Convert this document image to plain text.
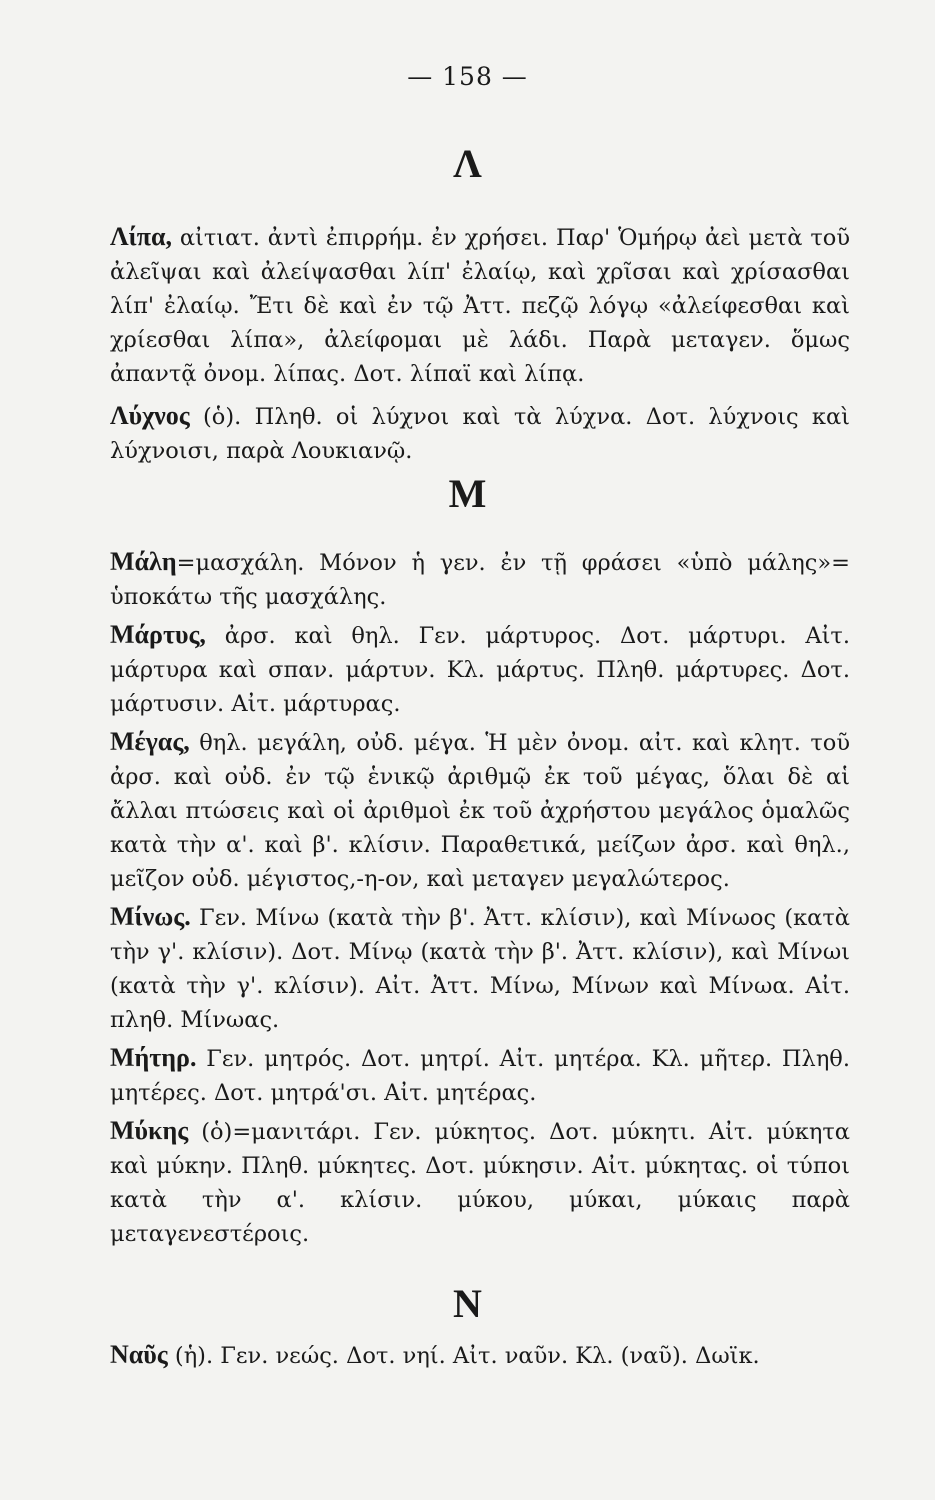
— 158 —
Λ

Λίπα, αἰτιατ. ἀντὶ ἐπιρρήμ. ἐν χρήσει. Παρ' Ὁμήρῳ ἀεὶ μετὰ τοῦ ἀλεῖψαι καὶ ἀλείψασθαι λίπ' ἐλαίῳ, καὶ χρῖσαι καὶ χρίσασθαι λίπ' ἐλαίῳ. Ἔτι δὲ καὶ ἐν τῷ Ἀττ. πεζῷ λόγῳ «ἀλείφεσθαι καὶ χρίεσθαι λίπα», ἀλείφομαι μὲ λάδι. Παρὰ μεταγεν. ὅμως ἀπαντᾷ ὀνομ. λίπας. Δοτ. λίπαϊ καὶ λίπᾳ.

Λύχνος (ὁ). Πληθ. οἱ λύχνοι καὶ τὰ λύχνα. Δοτ. λύχνοις καὶ λύχνοισι, παρὰ Λουκιανῷ.

Μ

Μάλη=μασχάλη. Μόνον ἡ γεν. ἐν τῇ φράσει «ὑπὸ μάλης»= ὑποκάτω τῆς μασχάλης.

Μάρτυς, ἀρσ. καὶ θηλ. Γεν. μάρτυρος. Δοτ. μάρτυρι. Αἰτ. μάρτυρα καὶ σπαν. μάρτυν. Κλ. μάρτυς. Πληθ. μάρτυρες. Δοτ. μάρτυσιν. Αἰτ. μάρτυρας.

Μέγας, θηλ. μεγάλη, οὐδ. μέγα. Ἡ μὲν ὀνομ. αἰτ. καὶ κλητ. τοῦ ἀρσ. καὶ οὐδ. ἐν τῷ ἑνικῷ ἀριθμῷ ἐκ τοῦ μέγας, ὅλαι δὲ αἱ ἄλλαι πτώσεις καὶ οἱ ἀριθμοὶ ἐκ τοῦ ἀχρήστου μεγάλος ὁμαλῶς κατὰ τὴν α'. καὶ β'. κλίσιν. Παραθετικά, μείζων ἀρσ. καὶ θηλ., μεῖζον οὐδ. μέγιστος,-η-ον, καὶ μεταγεν μεγαλώτερος.

Μίνως. Γεν. Μίνω (κατὰ τὴν β'. Ἀττ. κλίσιν), καὶ Μίνωος (κατὰ τὴν γ'. κλίσιν). Δοτ. Μίνῳ (κατὰ τὴν β'. Ἀττ. κλίσιν), καὶ Μίνωι (κατὰ τὴν γ'. κλίσιν). Αἰτ. Ἀττ. Μίνω, Μίνων καὶ Μίνωα. Αἰτ. πληθ. Μίνωας.

Μήτηρ. Γεν. μητρός. Δοτ. μητρί. Αἰτ. μητέρα. Κλ. μῆτερ. Πληθ. μητέρες. Δοτ. μητρά'σι. Αἰτ. μητέρας.

Μύκης (ὁ)=μανιτάρι. Γεν. μύκητος. Δοτ. μύκητι. Αἰτ. μύκητα καὶ μύκην. Πληθ. μύκητες. Δοτ. μύκησιν. Αἰτ. μύκητας. οἱ τύποι κατὰ τὴν α'. κλίσιν. μύκου, μύκαι, μύκαις παρὰ μεταγενεστέροις.

Ν

Ναῦς (ἡ). Γεν. νεώς. Δοτ. νηί. Αἰτ. ναῦν. Κλ. (ναῦ). Δωϊκ.
